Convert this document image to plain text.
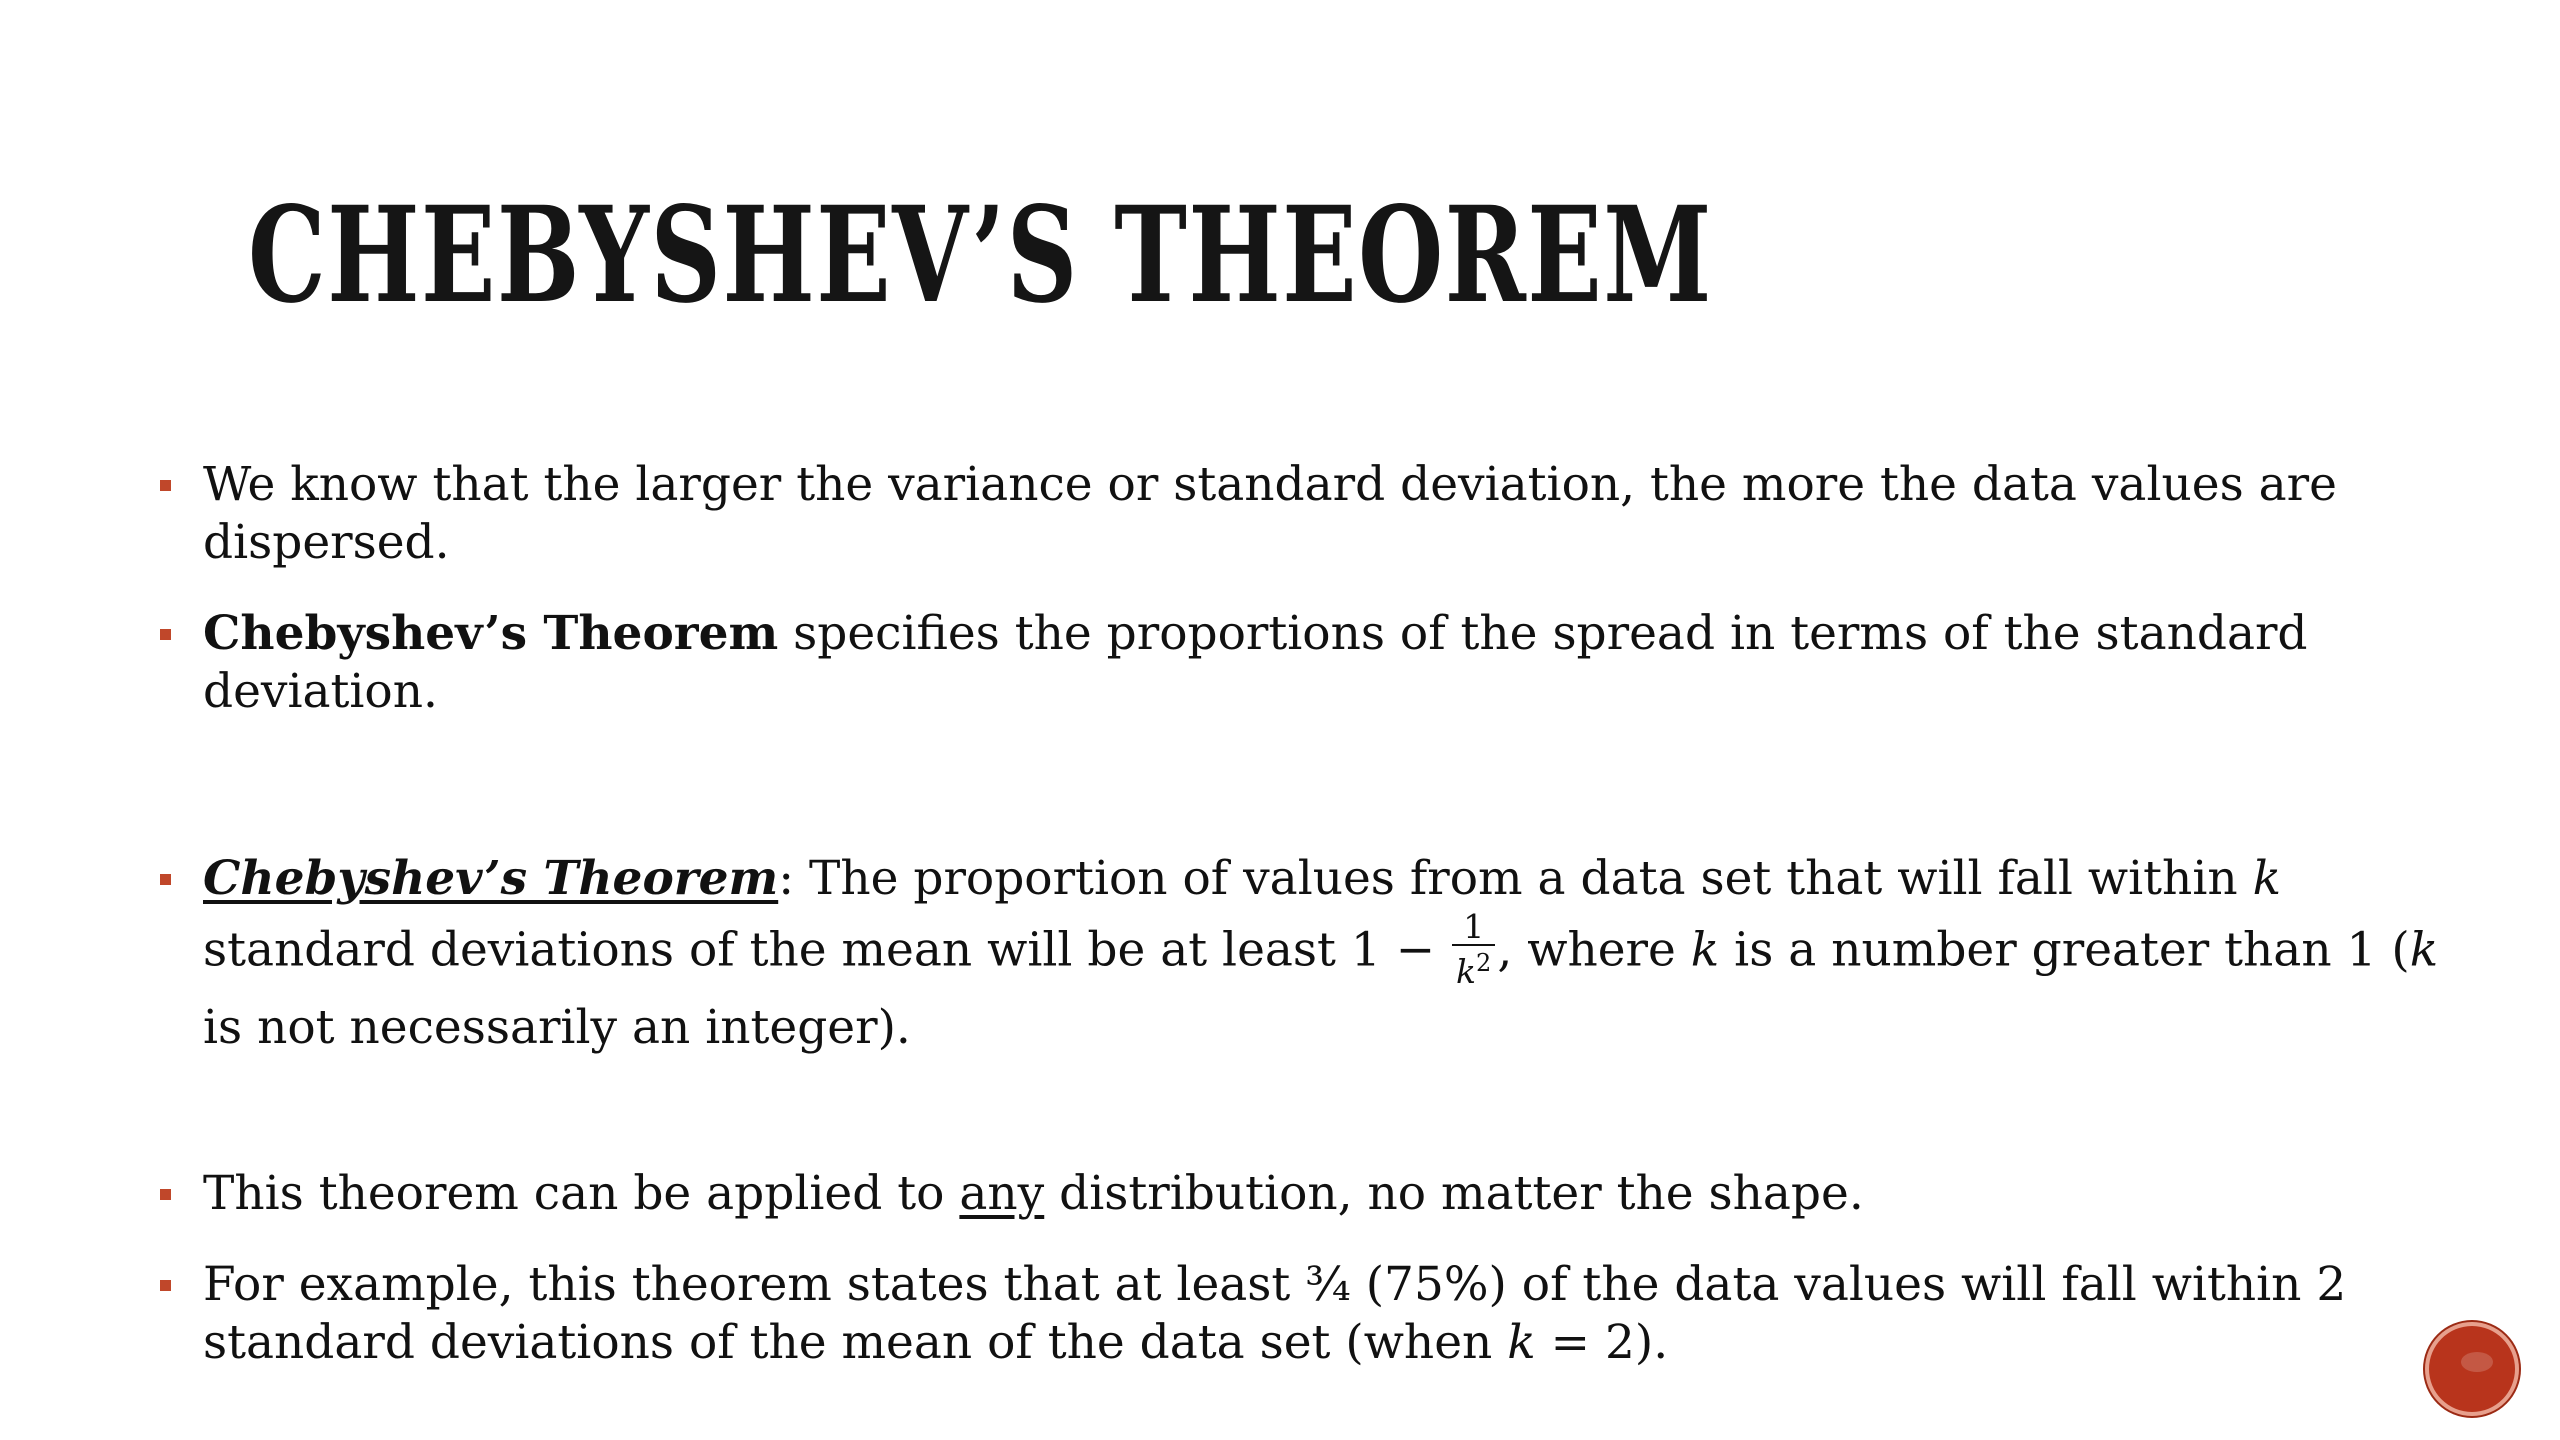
CHEBYSHEV’S THEOREM
We know that the larger the variance or standard deviation, the more the data values are dispersed.
Chebyshev’s Theorem specifies the proportions of the spread in terms of the standard deviation.
Chebyshev’s Theorem: The proportion of values from a data set that will fall within k standard deviations of the mean will be at least $1 - \frac{1}{k^2}$ , where k is a number greater than 1 (k is not necessarily an integer).
This theorem can be applied to any distribution, no matter the shape.
For example, this theorem states that at least ¾ (75%) of the data values will fall within 2 standard deviations of the mean of the data set (when k = 2).
